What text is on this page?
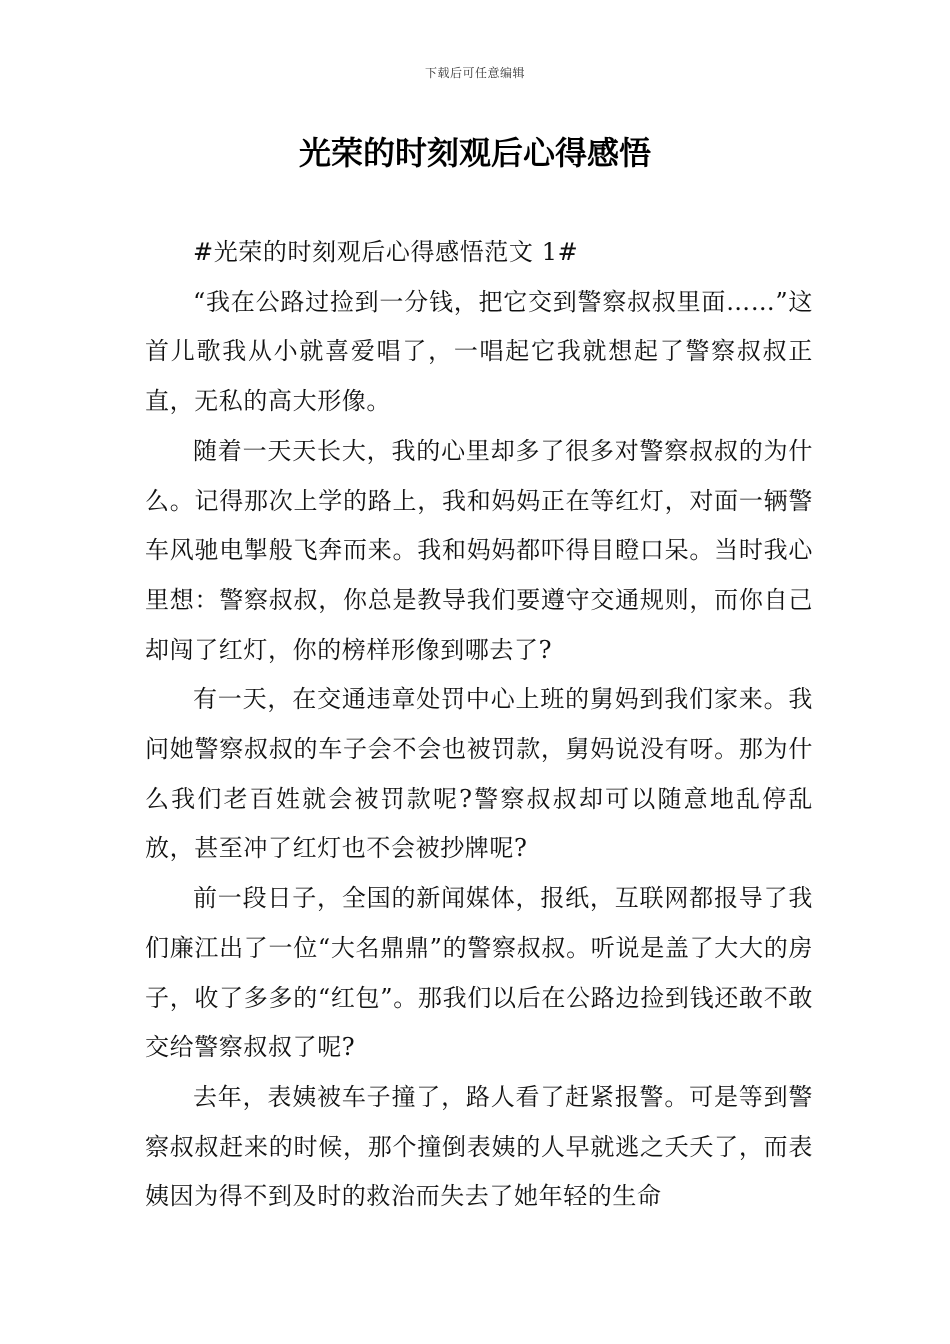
下载后可任意编辑
光荣的时刻观后心得感悟

#光荣的时刻观后心得感悟范文 1#

“我在公路过捡到一分钱，把它交到警察叔叔里面……”这首儿歌我从小就喜爱唱了，一唱起它我就想起了警察叔叔正直，无私的高大形像。

随着一天天长大，我的心里却多了很多对警察叔叔的为什么。记得那次上学的路上，我和妈妈正在等红灯，对面一辆警车风驰电掣般飞奔而来。我和妈妈都吓得目瞪口呆。当时我心里想：警察叔叔，你总是教导我们要遵守交通规则，而你自己却闯了红灯，你的榜样形像到哪去了?

有一天，在交通违章处罚中心上班的舅妈到我们家来。我问她警察叔叔的车子会不会也被罚款，舅妈说没有呀。那为什么我们老百姓就会被罚款呢?警察叔叔却可以随意地乱停乱放，甚至冲了红灯也不会被抄牌呢?

前一段日子，全国的新闻媒体，报纸，互联网都报导了我们廉江出了一位“大名鼎鼎”的警察叔叔。听说是盖了大大的房子，收了多多的“红包”。那我们以后在公路边捡到钱还敢不敢交给警察叔叔了呢?

去年，表姨被车子撞了，路人看了赶紧报警。可是等到警察叔叔赶来的时候，那个撞倒表姨的人早就逃之夭夭了，而表姨因为得不到及时的救治而失去了她年轻的生命
